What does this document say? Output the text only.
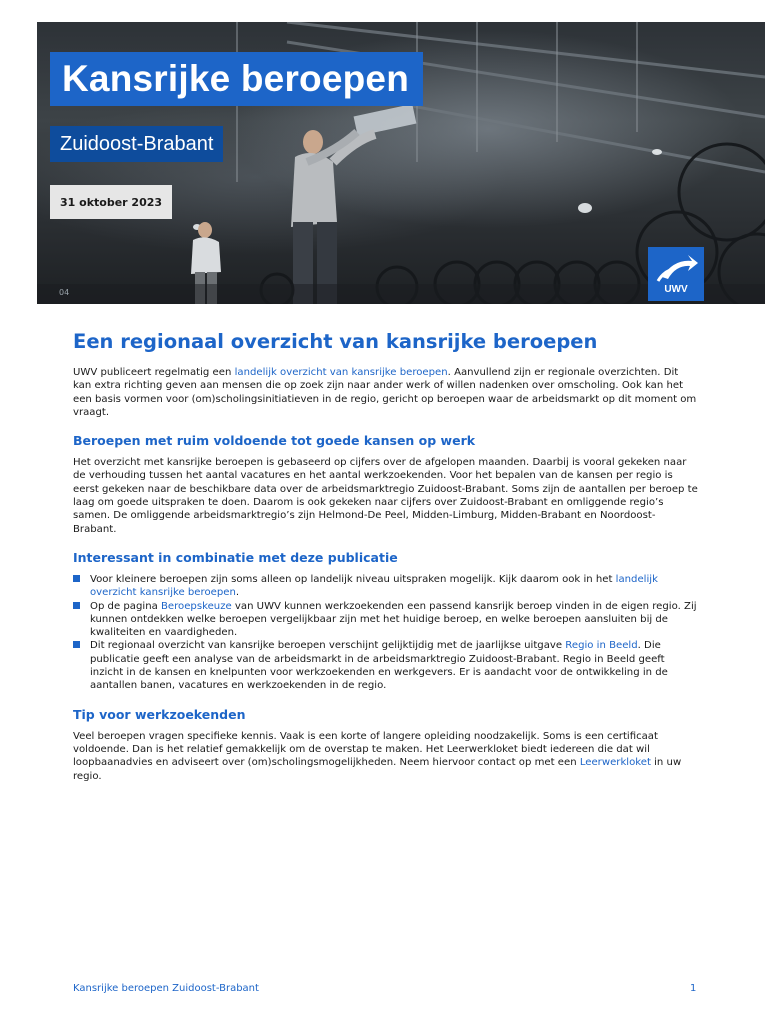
Kansrijke beroepen
Zuidoost-Brabant
31 oktober 2023
04	UWV
Een regionaal overzicht van kansrijke beroepen

UWV publiceert regelmatig een landelijk overzicht van kansrijke beroepen. Aanvullend zijn er regionale overzichten. Dit kan extra richting geven aan mensen die op zoek zijn naar ander werk of willen nadenken over omscholing. Ook kan het een basis vormen voor (om)scholingsinitiatieven in de regio, gericht op beroepen waar de arbeidsmarkt op dit moment om vraagt.

Beroepen met ruim voldoende tot goede kansen op werk

Het overzicht met kansrijke beroepen is gebaseerd op cijfers over de afgelopen maanden. Daarbij is vooral gekeken naar de verhouding tussen het aantal vacatures en het aantal werkzoekenden. Voor het bepalen van de kansen per regio is eerst gekeken naar de beschikbare data over de arbeidsmarktregio Zuidoost-Brabant. Soms zijn de aantallen per beroep te laag om goede uitspraken te doen. Daarom is ook gekeken naar cijfers over Zuidoost-Brabant en omliggende regio’s samen. De omliggende arbeidsmarktregio’s zijn Helmond-De Peel, Midden-Limburg, Midden-Brabant en Noordoost-Brabant.

Interessant in combinatie met deze publicatie
Voor kleinere beroepen zijn soms alleen op landelijk niveau uitspraken mogelijk. Kijk daarom ook in het landelijk overzicht kansrijke beroepen.
Op de pagina Beroepskeuze van UWV kunnen werkzoekenden een passend kansrijk beroep vinden in de eigen regio. Zij kunnen ontdekken welke beroepen vergelijkbaar zijn met het huidige beroep, en welke beroepen aansluiten bij de kwaliteiten en vaardigheden.
Dit regionaal overzicht van kansrijke beroepen verschijnt gelijktijdig met de jaarlijkse uitgave Regio in Beeld. Die publicatie geeft een analyse van de arbeidsmarkt in de arbeidsmarktregio Zuidoost-Brabant. Regio in Beeld geeft inzicht in de kansen en knelpunten voor werkzoekenden en werkgevers. Er is aandacht voor de ontwikkeling in de aantallen banen, vacatures en werkzoekenden in de regio.
Tip voor werkzoekenden

Veel beroepen vragen specifieke kennis. Vaak is een korte of langere opleiding noodzakelijk. Soms is een certificaat voldoende. Dan is het relatief gemakkelijk om de overstap te maken. Het Leerwerkloket biedt iedereen die dat wil loopbaanadvies en adviseert over (om)scholingsmogelijkheden. Neem hiervoor contact op met een Leerwerkloket in uw regio.

Kansrijke beroepen Zuidoost-Brabant	1
